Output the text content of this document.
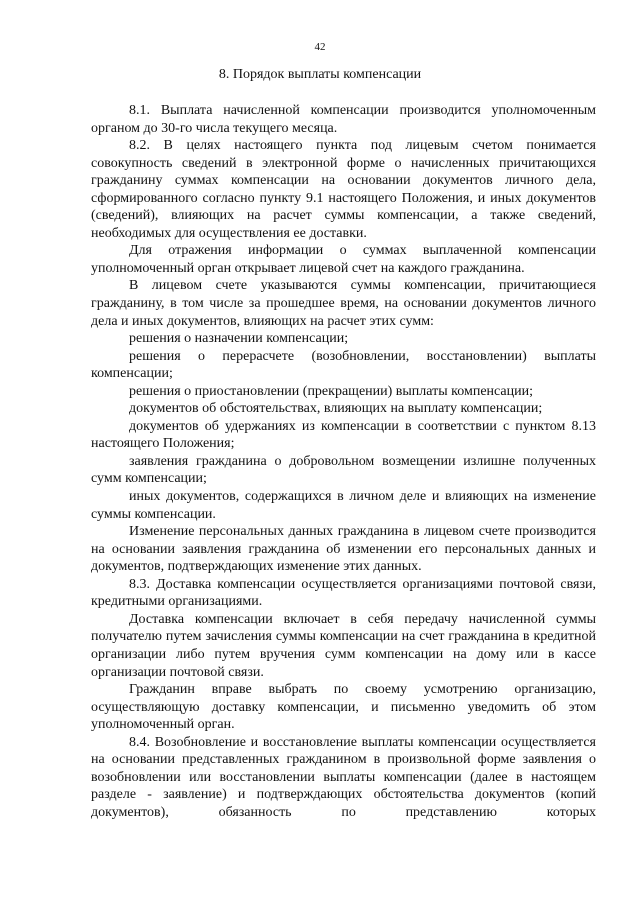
42
8. Порядок выплаты компенсации

8.1. Выплата начисленной компенсации производится уполномоченным органом до 30-го числа текущего месяца.

8.2. В целях настоящего пункта под лицевым счетом понимается совокупность сведений в электронной форме о начисленных причитающихся гражданину суммах компенсации на основании документов личного дела, сформированного согласно пункту 9.1 настоящего Положения, и иных документов (сведений), влияющих на расчет суммы компенсации, а также сведений, необходимых для осуществления ее доставки.

Для отражения информации о суммах выплаченной компенсации уполномоченный орган открывает лицевой счет на каждого гражданина.

В лицевом счете указываются суммы компенсации, причитающиеся гражданину, в том числе за прошедшее время, на основании документов личного дела и иных документов, влияющих на расчет этих сумм:

решения о назначении компенсации;

решения о перерасчете (возобновлении, восстановлении) выплаты компенсации;

решения о приостановлении (прекращении) выплаты компенсации;

документов об обстоятельствах, влияющих на выплату компенсации;

документов об удержаниях из компенсации в соответствии с пунктом 8.13 настоящего Положения;

заявления гражданина о добровольном возмещении излишне полученных сумм компенсации;

иных документов, содержащихся в личном деле и влияющих на изменение суммы компенсации.

Изменение персональных данных гражданина в лицевом счете производится на основании заявления гражданина об изменении его персональных данных и документов, подтверждающих изменение этих данных.

8.3. Доставка компенсации осуществляется организациями почтовой связи, кредитными организациями.

Доставка компенсации включает в себя передачу начисленной суммы получателю путем зачисления суммы компенсации на счет гражданина в кредитной организации либо путем вручения сумм компенсации на дому или в кассе организации почтовой связи.

Гражданин вправе выбрать по своему усмотрению организацию, осуществляющую доставку компенсации, и письменно уведомить об этом уполномоченный орган.

8.4. Возобновление и восстановление выплаты компенсации осуществляется на основании представленных гражданином в произвольной форме заявления о возобновлении или восстановлении выплаты компенсации (далее в настоящем разделе - заявление) и подтверждающих обстоятельства документов (копий документов), обязанность по представлению которых
